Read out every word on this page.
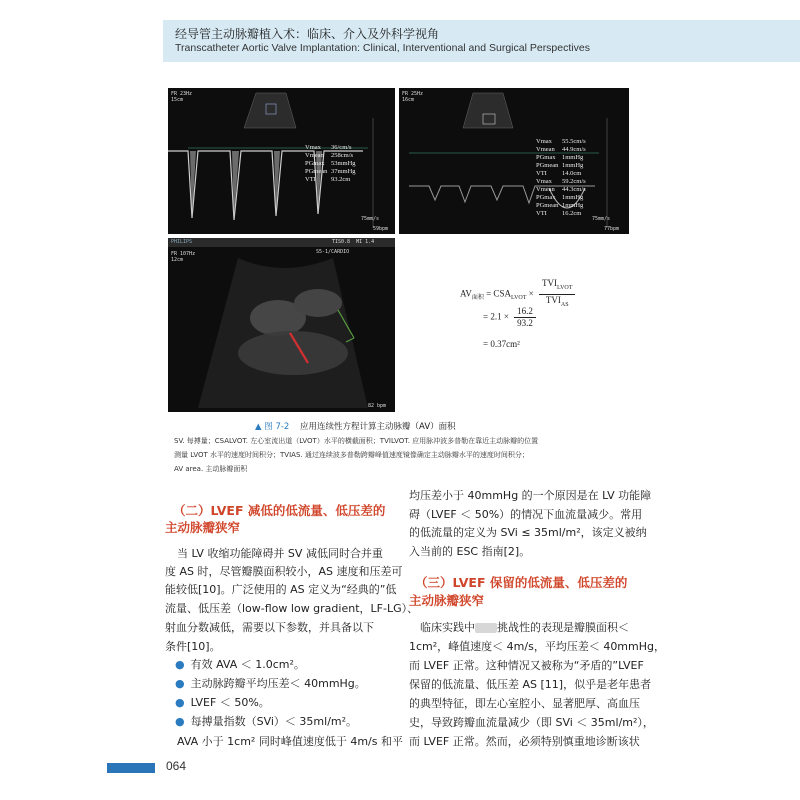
经导管主动脉瓣植入术：临床、介入及外科学视角
Transcatheter Aortic Valve Implantation: Clinical, Interventional and Surgical Perspectives
FR 23Hz
15cm
Vmax	36/cm/s
Vmean	258cm/s
PGmax	53mmHg
PGmean 37mmHg
VTI	93.2cm
75mm/s
59bpm
FR 25Hz
16cm
Vmax	55.5cm/s
Vmean	44.9cm/s
PGmax	1mmHg
PGmean 1mmHg
VTI	14.0cm
Vmax	59.2cm/s
Vmean	44.3cm/s
PGmax	1mmHg
PGmean 1mmHg
VTI	16.2cm
75mm/s
77bpm
PHILIPS	TIS0.8  MI 1.4
S5-1/CARDIO
FR 107Hz
12cm
82 bpm
$AV_{面积} = CSA_{LVOT} \times \frac{TVI_{LVOT}}{TVI_{AS}}$
= $2.1 \times \frac{16.2}{93.2}$
= 0.37cm²
▲ 图 7-2 应用连续性方程计算主动脉瓣（AV）面积
SV. 每搏量；CSALVOT. 左心室流出道（LVOT）水平的横截面积；TVILVOT. 应用脉冲波多普勒在靠近主动脉瓣的位置
测量 LVOT 水平的速度时间积分；TVIAS. 通过连续波多普勒跨瓣峰值速度镜像确定主动脉瓣水平的速度时间积分；
AV area. 主动脉瓣面积
（二）LVEF 减低的低流量、低压差的
主动脉瓣狭窄
当 LV 收缩功能障碍并 SV 减低同时合并重
度 AS 时，尽管瓣膜面积较小，AS 速度和压差可
能较低[10]。广泛使用的 AS 定义为“经典的”低
流量、低压差（low-flow low gradient，LF-LG）、
射血分数减低，需要以下参数，并具备以下
条件[10]。
● 有效 AVA ＜ 1.0cm²。
● 主动脉跨瓣平均压差＜ 40mmHg。
● LVEF ＜ 50%。
● 每搏量指数（SVi）＜ 35ml/m²。
AVA 小于 1cm² 同时峰值速度低于 4m/s 和平
均压差小于 40mmHg 的一个原因是在 LV 功能障
碍（LVEF ＜ 50%）的情况下血流量减少。常用
的低流量的定义为 SVi ≤ 35ml/m²，该定义被纳
入当前的 ESC 指南[2]。
（三）LVEF 保留的低流量、低压差的
主动脉瓣狭窄
临床实践中 挑战性的表现是瓣膜面积＜
1cm²，峰值速度＜ 4m/s，平均压差＜ 40mmHg，
而 LVEF 正常。这种情况又被称为“矛盾的”LVEF
保留的低流量、低压差 AS [11]，似乎是老年患者
的典型特征，即左心室腔小、显著肥厚、高血压
史，导致跨瓣血流量减少（即 SVi ＜ 35ml/m²），
而 LVEF 正常。然而，必须特别慎重地诊断该状
064
